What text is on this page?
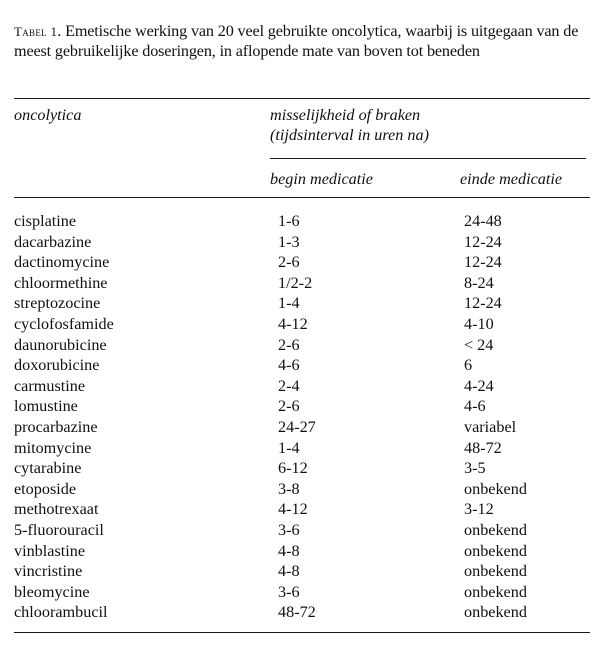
Tabel 1. Emetische werking van 20 veel gebruikte oncolytica, waarbij is uitgegaan van de meest gebruikelijke doseringen, in aflopende mate van boven tot beneden
oncolytica	misselijkheid of braken
(tijdsinterval in uren na)
begin medicatie	einde medicatie
cisplatine	1-6	24-48
dacarbazine	1-3	12-24
dactinomycine	2-6	12-24
chloormethine	1/2-2	8-24
streptozocine	1-4	12-24
cyclofosfamide	4-12	4-10
daunorubicine	2-6	< 24
doxorubicine	4-6	6
carmustine	2-4	4-24
lomustine	2-6	4-6
procarbazine	24-27	variabel
mitomycine	1-4	48-72
cytarabine	6-12	3-5
etoposide	3-8	onbekend
methotrexaat	4-12	3-12
5-fluorouracil	3-6	onbekend
vinblastine	4-8	onbekend
vincristine	4-8	onbekend
bleomycine	3-6	onbekend
chloorambucil	48-72	onbekend
